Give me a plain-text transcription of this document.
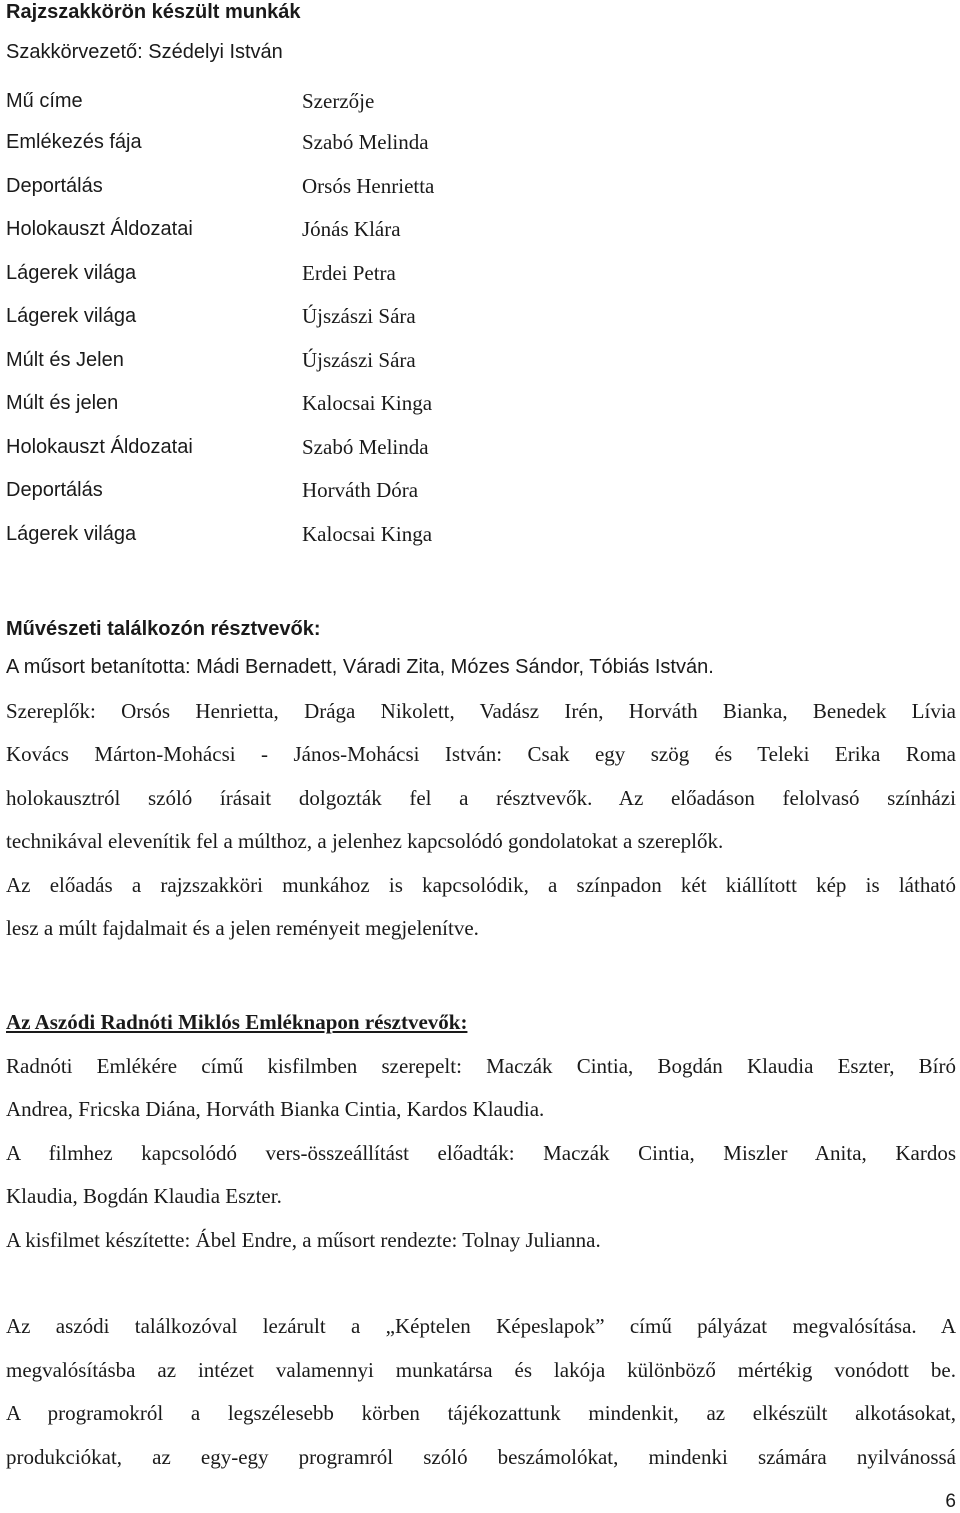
Rajzszakkörön készült munkák
Szakkörvezető: Szédelyi István
Mű címe	Szerzője
Emlékezés fája	Szabó Melinda
Deportálás	Orsós Henrietta
Holokauszt Áldozatai	Jónás Klára
Lágerek világa	Erdei Petra
Lágerek világa	Újszászi Sára
Múlt és Jelen	Újszászi Sára
Múlt és jelen	Kalocsai Kinga
Holokauszt Áldozatai	Szabó Melinda
Deportálás	Horváth Dóra
Lágerek világa	Kalocsai Kinga
Művészeti találkozón résztvevők:
A műsort betanította: Mádi Bernadett, Váradi Zita, Mózes Sándor, Tóbiás István.

Szereplők: Orsós Henrietta, Drága Nikolett, Vadász Irén, Horváth Bianka, Benedek Lívia
Kovács Márton-Mohácsi - János-Mohácsi István: Csak egy szög és Teleki Erika Roma
holokausztról szóló írásait dolgozták fel a résztvevők. Az előadáson felolvasó színházi
technikával elevenítik fel a múlthoz, a jelenhez kapcsolódó gondolatokat a szereplők.

Az előadás a rajzszakköri munkához is kapcsolódik, a színpadon két kiállított kép is látható
lesz a múlt fajdalmait és a jelen reményeit megjelenítve.

Az Aszódi Radnóti Miklós Emléknapon résztvevők:

Radnóti Emlékére című kisfilmben szerepelt: Maczák Cintia, Bogdán Klaudia Eszter, Bíró
Andrea, Fricska Diána, Horváth Bianka Cintia, Kardos Klaudia.

A filmhez kapcsolódó vers-összeállítást előadták: Maczák Cintia, Miszler Anita, Kardos
Klaudia, Bogdán Klaudia Eszter.

A kisfilmet készítette: Ábel Endre, a műsort rendezte: Tolnay Julianna.

Az aszódi találkozóval lezárult a „Képtelen Képeslapok” című pályázat megvalósítása. A
megvalósításba az intézet valamennyi munkatársa és lakója különböző mértékig vonódott be.
A programokról a legszélesebb körben tájékozattunk mindenkit, az elkészült alkotásokat,
produkciókat, az egy-egy programról szóló beszámolókat, mindenki számára nyilvánossá

6
